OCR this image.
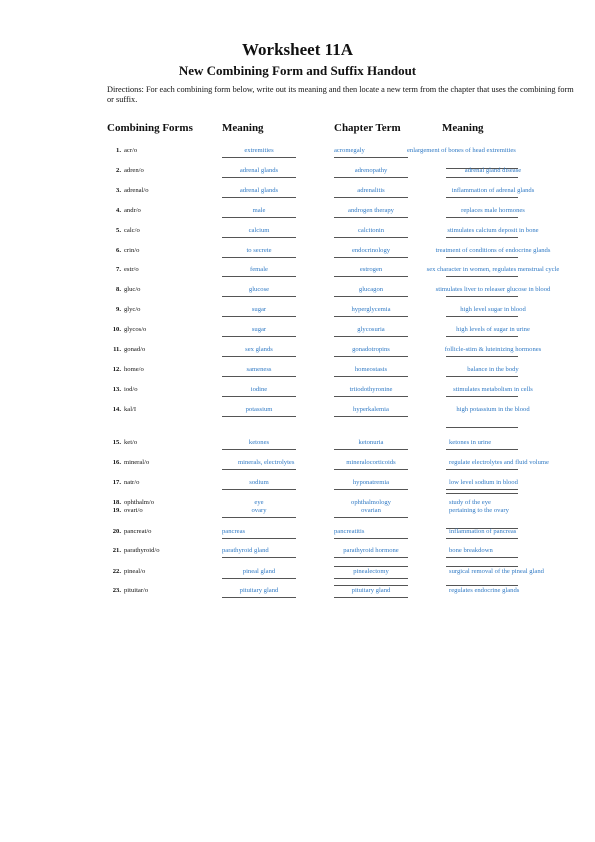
Worksheet 11A
New Combining Form and Suffix Handout
Directions: For each combining form below, write out its meaning and then locate a new term from the chapter that uses the combining form or suffix.
Combining Forms	Meaning	Chapter Term	Meaning
1. acr/o	extremities	acromegaly	enlargement of bones of head extremities
2. adren/o	adrenal glands	adrenopathy	adrenal gland disease
3. adrenal/o	adrenal glands	adrenalitis	inflammation of adrenal glands
4. andr/o	male	androgen therapy	replaces male hormones
5. calc/o	calcium	calcitonin	stimulates calcium deposit in bone
6. crin/o	to secrete	endocrinology	treatment of conditions of endocrine glands
7. estr/o	female	estrogen	sex character in women, regulates menstrual cycle
8. gluc/o	glucose	glucagon	stimulates liver to releaser glucose in blood
9. glyc/o	sugar	hyperglycemia	high level sugar in blood
10. glycos/o	sugar	glycosuria	high levels of sugar in urine
11. gonad/o	sex glands	gonadotropins	follicle-stim & luteinizing hormones
12. home/o	sameness	homeostasis	balance in the body
13. iod/o	iodine	triiodothyronine	stimulates metabolism in cells
14. kal/I	potassium	hyperkalemia	high potassium in the blood
15. ket/o	ketones	ketonuria	ketones in urine
16. mineral/o	minerals, electrolytes	mineralocorticoids	regulate electrolytes and fluid volume
17. natr/o	sodium	hyponatremia	low level sodium in blood
18. ophthalm/o	eye	ophthalmology	study of the eye
19. ovari/o	ovary	ovarian	pertaining to the ovary
20. pancreat/o	pancreas	pancreatitis	inflammation of pancreas
21. parathyroid/o	parathyroid gland	parathyroid hormone	bone breakdown
22. pineal/o	pineal gland	pinealectomy	surgical removal of the pineal gland
23. pituitar/o	pituitary gland	pituitary gland	regulates endocrine glands
